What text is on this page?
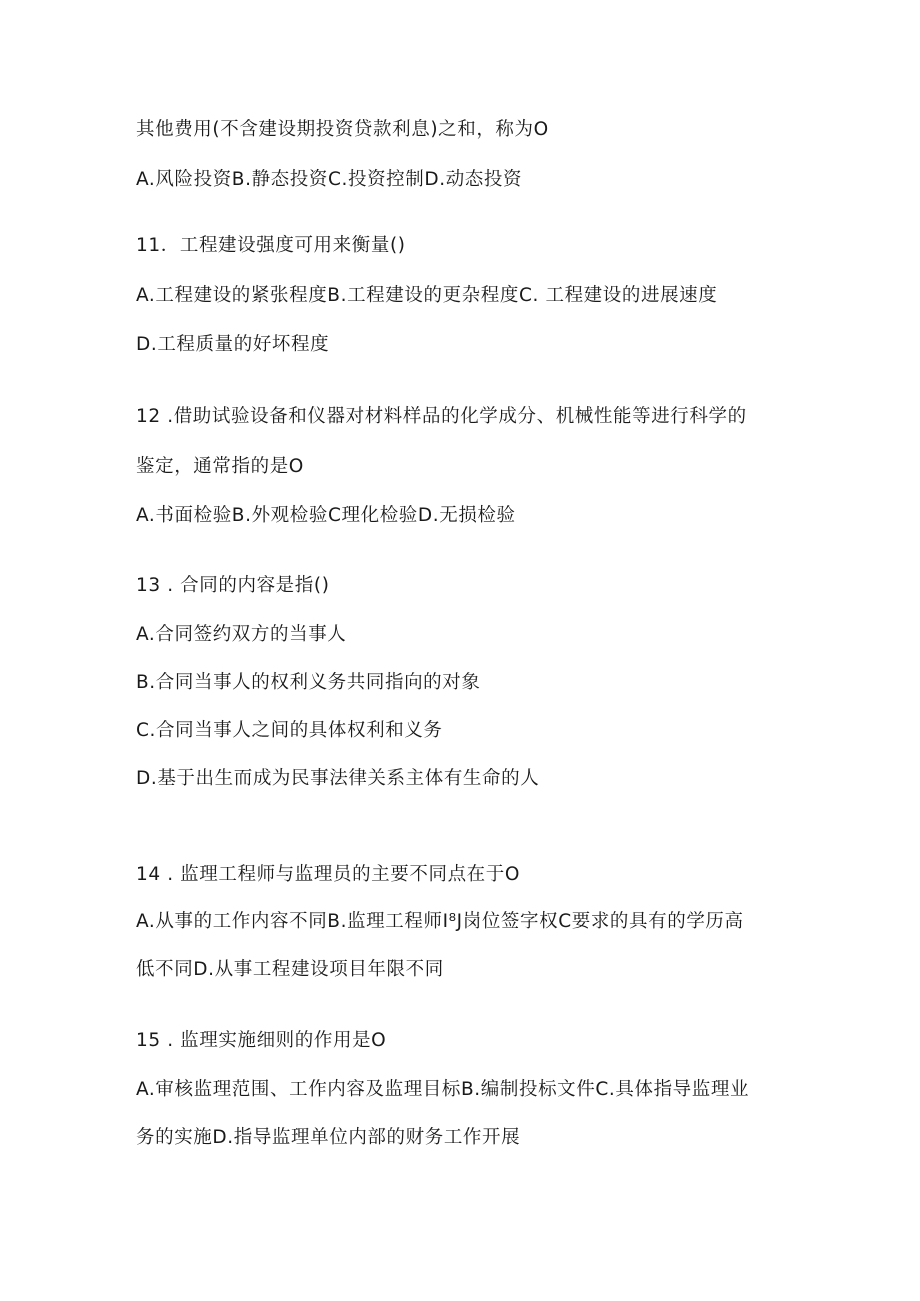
其他费用(不含建设期投资贷款利息)之和，称为O
A.风险投资B.静态投资C.投资控制D.动态投资
11．工程建设强度可用来衡量()
A.工程建设的紧张程度B.工程建设的更杂程度C. 工程建设的进展速度
D.工程质量的好坏程度
12 .借助试验设备和仪器对材料样品的化学成分、机械性能等进行科学的
鉴定，通常指的是O
A.书面检验B.外观检验C理化检验D.无损检验
13 . 合同的内容是指()
A.合同签约双方的当事人
B.合同当事人的权利义务共同指向的对象
C.合同当事人之间的具体权利和义务
D.基于出生而成为民事法律关系主体有生命的人
14 . 监理工程师与监理员的主要不同点在于O
A.从事的工作内容不同B.监理工程师I⁸J岗位签字权C要求的具有的学历高
低不同D.从事工程建设项目年限不同
15 . 监理实施细则的作用是O
A.审核监理范围、工作内容及监理目标B.编制投标文件C.具体指导监理业
务的实施D.指导监理单位内部的财务工作开展
